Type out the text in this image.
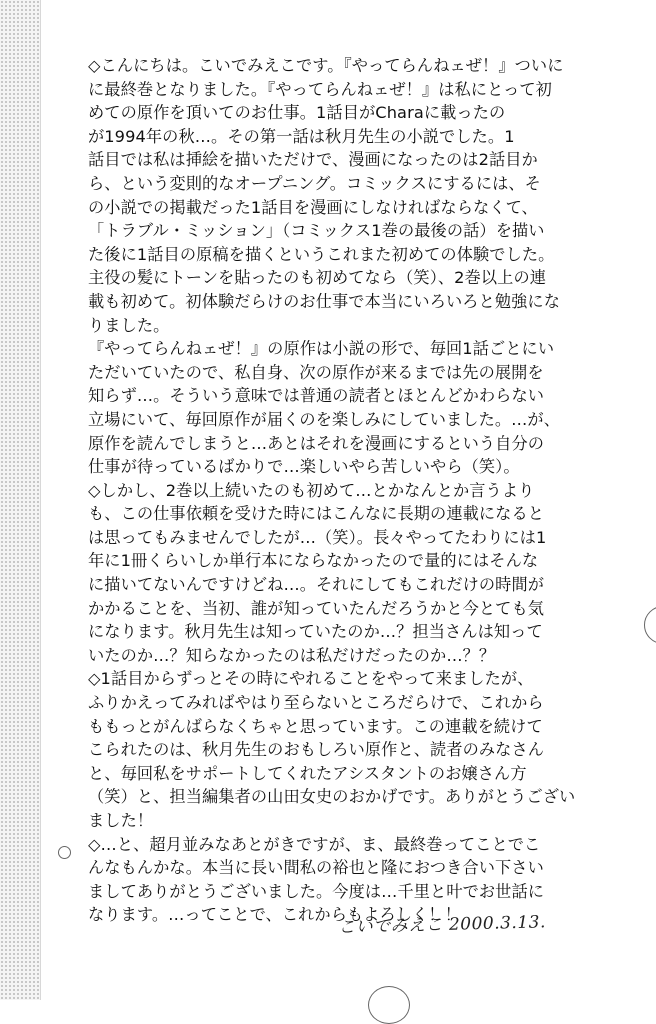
◇こんにちは。こいでみえこです。『やってらんねェぜ！』ついに

に最終巻となりました。『やってらんねェぜ！』は私にとって初

めての原作を頂いてのお仕事。1話目がCharaに載ったの

が1994年の秋…。その第一話は秋月先生の小説でした。1

話目では私は挿絵を描いただけで、漫画になったのは2話目か

ら、という変則的なオープニング。コミックスにするには、そ

の小説での掲載だった1話目を漫画にしなければならなくて、

「トラブル・ミッション」（コミックス1巻の最後の話）を描い

た後に1話目の原稿を描くというこれまた初めての体験でした。

主役の髪にトーンを貼ったのも初めてなら（笑）、2巻以上の連

載も初めて。初体験だらけのお仕事で本当にいろいろと勉強にな

りました。

『やってらんねェぜ！』の原作は小説の形で、毎回1話ごとにい

ただいていたので、私自身、次の原作が来るまでは先の展開を

知らず…。そういう意味では普通の読者とほとんどかわらない

立場にいて、毎回原作が届くのを楽しみにしていました。…が、

原作を読んでしまうと…あとはそれを漫画にするという自分の

仕事が待っているばかりで…楽しいやら苦しいやら（笑）。

◇しかし、2巻以上続いたのも初めて…とかなんとか言うより

も、この仕事依頼を受けた時にはこんなに長期の連載になると

は思ってもみませんでしたが…（笑）。長々やってたわりには1

年に1冊くらいしか単行本にならなかったので量的にはそんな

に描いてないんですけどね…。それにしてもこれだけの時間が

かかることを、当初、誰が知っていたんだろうかと今とても気

になります。秋月先生は知っていたのか…？担当さんは知って

いたのか…？知らなかったのは私だけだったのか…？？

◇1話目からずっとその時にやれることをやって来ましたが、

ふりかえってみればやはり至らないところだらけで、これから

ももっとがんばらなくちゃと思っています。この連載を続けて

こられたのは、秋月先生のおもしろい原作と、読者のみなさん

と、毎回私をサポートしてくれたアシスタントのお嬢さん方

（笑）と、担当編集者の山田女史のおかげです。ありがとうござい

ました！

◇…と、超月並みなあとがきですが、ま、最終巻ってことでこ

んなもんかな。本当に長い間私の裕也と隆におつき合い下さい

ましてありがとうございました。今度は…千里と叶でお世話に

なります。…ってことで、これからもよろしく！！

こいでみえこ 2000.3.13.
